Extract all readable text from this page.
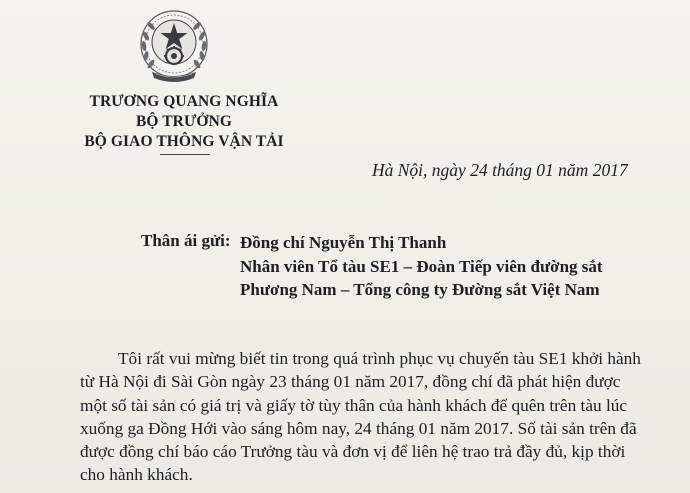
TRƯƠNG QUANG NGHĨA
BỘ TRƯỞNG
BỘ GIAO THÔNG VẬN TẢI
Hà Nội, ngày 24 tháng 01 năm 2017
Thân ái gửi: Đồng chí Nguyễn Thị Thanh
Nhân viên Tổ tàu SE1 – Đoàn Tiếp viên đường sắt
Phương Nam – Tổng công ty Đường sắt Việt Nam
Tôi rất vui mừng biết tin trong quá trình phục vụ chuyến tàu SE1 khởi hành
từ Hà Nội đi Sài Gòn ngày 23 tháng 01 năm 2017, đồng chí đã phát hiện được
một số tài sản có giá trị và giấy tờ tùy thân của hành khách để quên trên tàu lúc
xuống ga Đồng Hới vào sáng hôm nay, 24 tháng 01 năm 2017. Số tài sản trên đã
được đồng chí báo cáo Trưởng tàu và đơn vị để liên hệ trao trả đầy đủ, kịp thời
cho hành khách.
